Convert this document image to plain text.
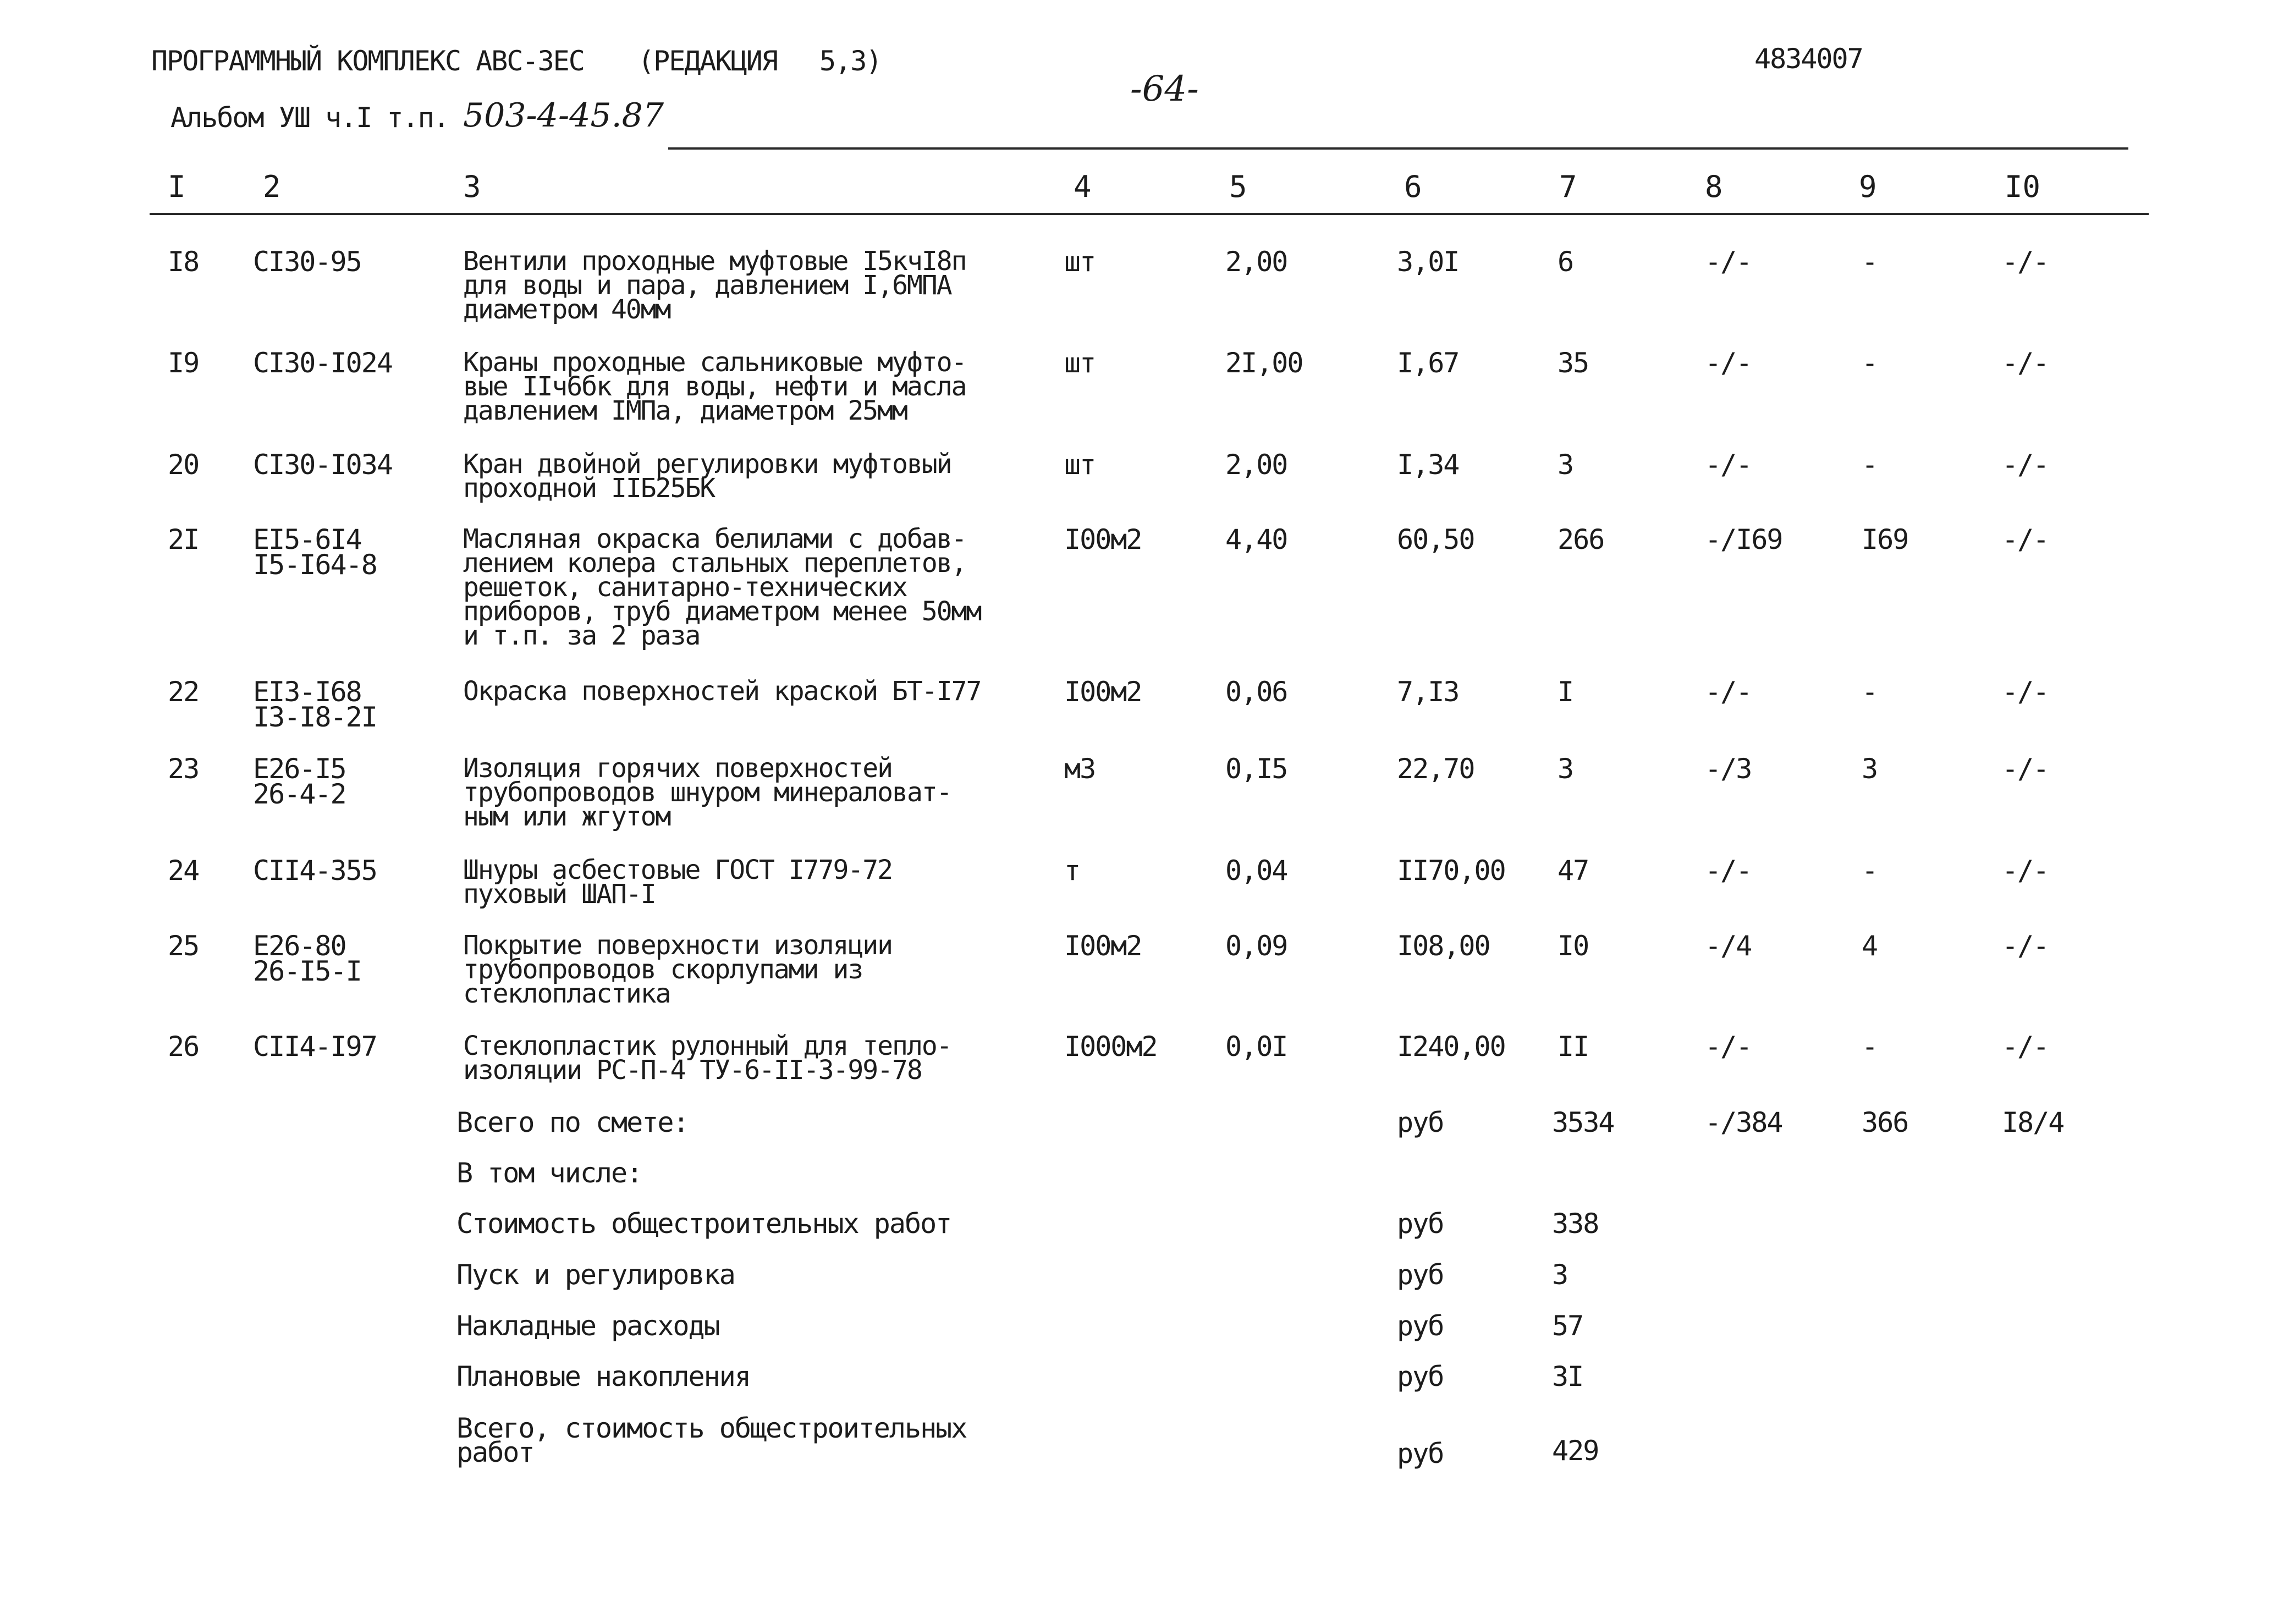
ПРОГРАММНЫЙ КОМПЛЕКС АВС-3ЕС (РЕДАКЦИЯ 5,3)	4834007
Альбом УШ ч.I т.п. 503-4-45.87
-64-
I	2	3	4	5	6	7	8	9	I0
I8 CI30-95	Вентили проходные муфтовые I5кчI8п
для воды и пара, давлением I,6МПА
диаметром 40мм
шт	2,00	3,0I	6	-/-	-	-/-
I9 CI30-I024	Краны проходные сальниковые муфто-
вые IIч6бк для воды, нефти и масла
давлением IМПа, диаметром 25мм
шт	2I,00	I,67	35	-/-	-	-/-
20 CI30-I034	Кран двойной регулировки муфтовый
проходной IIБ25БК
шт	2,00	I,34	3	-/-	-	-/-
2I EI5-6I4
I5-I64-8
Масляная окраска белилами с добав-
лением колера стальных переплетов,
решеток, санитарно-технических
приборов, труб диаметром менее 50мм
и т.п. за 2 раза
I00м2	4,40	60,50	266	-/I69	I69	-/-
22 EI3-I68
I3-I8-2I
Окраска поверхностей краской БТ-I77	I00м2	0,06	7,I3	I	-/-	-	-/-
23 E26-I5
26-4-2
Изоляция горячих поверхностей
трубопроводов шнуром минераловат-
ным или жгутом
м3	0,I5	22,70	3	-/3	3	-/-
24 CII4-355	Шнуры асбестовые ГОСТ I779-72
пуховый ШАП-I
т	0,04	II70,00 47	-/-	-	-/-
25 E26-80
26-I5-I
Покрытие поверхности изоляции
трубопроводов скорлупами из
стеклопластика
I00м2	0,09	I08,00 I0	-/4	4	-/-
26 CII4-I97	Стеклопластик рулонный для тепло-
изоляции РС-П-4 ТУ-6-II-3-99-78
I000м2 0,0I	I240,00 II	-/-	-	-/-
Всего по смете:	руб	3534	-/384	366	I8/4
В том числе:
Стоимость общестроительных работ	руб	338
Пуск и регулировка	руб	3
Накладные расходы	руб	57
Плановые накопления	руб	3I
Всего, стоимость общестроительных
работ	руб	429
